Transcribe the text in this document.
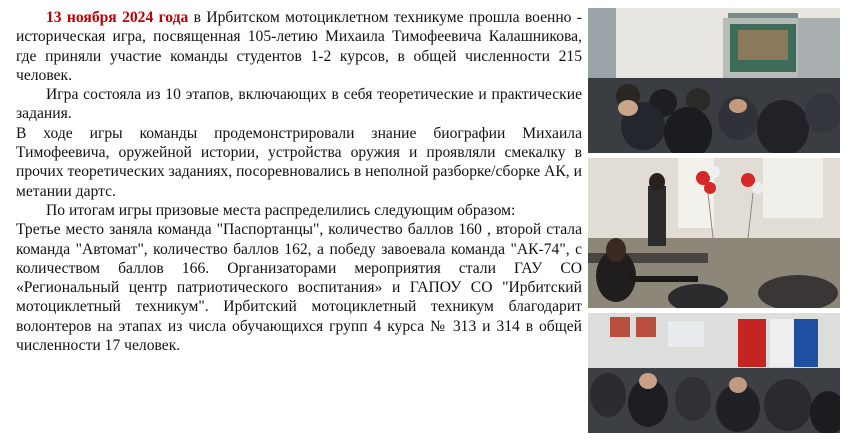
13 ноября 2024 года в Ирбитском мотоциклетном техникуме прошла военно - историческая игра, посвященная 105-летию Михаила Тимофеевича Калашникова, где приняли участие команды студентов 1-2 курсов, в общей численности 215 человек.

Игра состояла из 10 этапов, включающих в себя теоретические и практические задания.

В ходе игры команды продемонстрировали знание биографии Михаила Тимофеевича, оружейной истории, устройства оружия и проявляли смекалку в прочих теоретических заданиях, посоревновались в неполной разборке/сборке АК, и метании дартс.

По итогам игры призовые места распределились следующим образом:

Третье место заняла команда "Паспортанцы", количество баллов 160 , второй стала команда "Автомат", количество баллов 162, а победу завоевала команда "АК-74", с количеством баллов 166. Организаторами мероприятия стали ГАУ СО «Региональный центр патриотического воспитания» и ГАПОУ СО "Ирбитский мотоциклетный техникум". Ирбитский мотоциклетный техникум благодарит волонтеров на этапах из числа обучающихся групп 4 курса № 313 и 314 в общей численности 17 человек.
